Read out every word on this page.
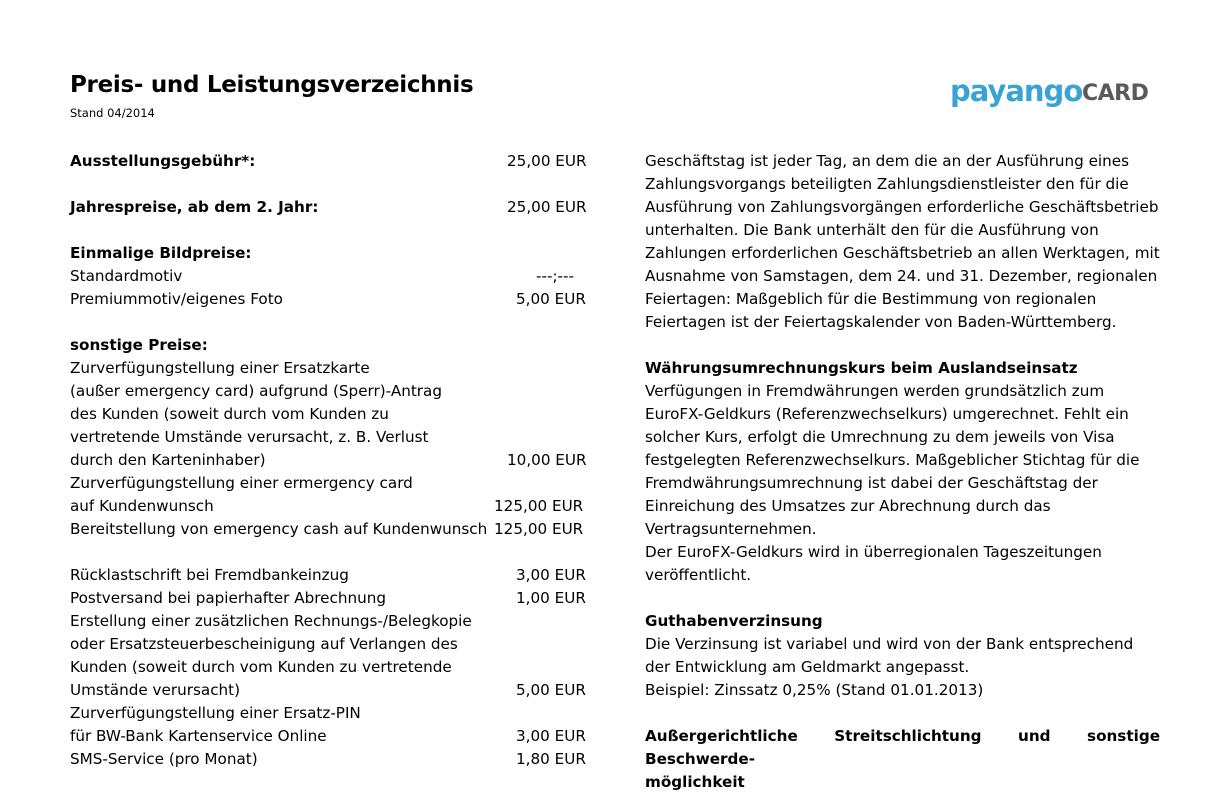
Preis- und Leistungsverzeichnis
Stand 04/2014
payango CARD
Ausstellungsgebühr*:	25,00 EUR
Jahrespreise, ab dem 2. Jahr:	25,00 EUR
Einmalige Bildpreise:
Standardmotiv	---;---
Premiummotiv/eigenes Foto	5,00 EUR
sonstige Preise:
Zurverfügungstellung einer Ersatzkarte
(außer emergency card) aufgrund (Sperr)-Antrag
des Kunden (soweit durch vom Kunden zu
vertretende Umstände verursacht, z. B. Verlust
durch den Karteninhaber)	10,00 EUR
Zurverfügungstellung einer ermergency card
auf Kundenwunsch	125,00 EUR
Bereitstellung von emergency cash auf Kundenwunsch 125,00 EUR
Rücklastschrift bei Fremdbankeinzug	3,00 EUR
Postversand bei papierhafter Abrechnung	1,00 EUR
Erstellung einer zusätzlichen Rechnungs-/Belegkopie
oder Ersatzsteuerbescheinigung auf Verlangen des
Kunden (soweit durch vom Kunden zu vertretende
Umstände verursacht)	5,00 EUR
Zurverfügungstellung einer Ersatz-PIN
für BW-Bank Kartenservice Online	3,00 EUR
SMS-Service (pro Monat)	1,80 EUR
Geschäftstag ist jeder Tag, an dem die an der Ausführung eines
Zahlungsvorgangs beteiligten Zahlungsdienstleister den für die
Ausführung von Zahlungsvorgängen erforderliche Geschäftsbetrieb
unterhalten. Die Bank unterhält den für die Ausführung von
Zahlungen erforderlichen Geschäftsbetrieb an allen Werktagen, mit
Ausnahme von Samstagen, dem 24. und 31. Dezember, regionalen
Feiertagen: Maßgeblich für die Bestimmung von regionalen
Feiertagen ist der Feiertagskalender von Baden-Württemberg.
Währungsumrechnungskurs beim Auslandseinsatz
Verfügungen in Fremdwährungen werden grundsätzlich zum
EuroFX-Geldkurs (Referenzwechselkurs) umgerechnet. Fehlt ein
solcher Kurs, erfolgt die Umrechnung zu dem jeweils von Visa
festgelegten Referenzwechselkurs. Maßgeblicher Stichtag für die
Fremdwährungsumrechnung ist dabei der Geschäftstag der
Einreichung des Umsatzes zur Abrechnung durch das
Vertragsunternehmen.
Der EuroFX-Geldkurs wird in überregionalen Tageszeitungen
veröffentlicht.
Guthabenverzinsung
Die Verzinsung ist variabel und wird von der Bank entsprechend
der Entwicklung am Geldmarkt angepasst.
Beispiel: Zinssatz 0,25% (Stand 01.01.2013)
Außergerichtliche Streitschlichtung und sonstige Beschwerde-
möglichkeit
